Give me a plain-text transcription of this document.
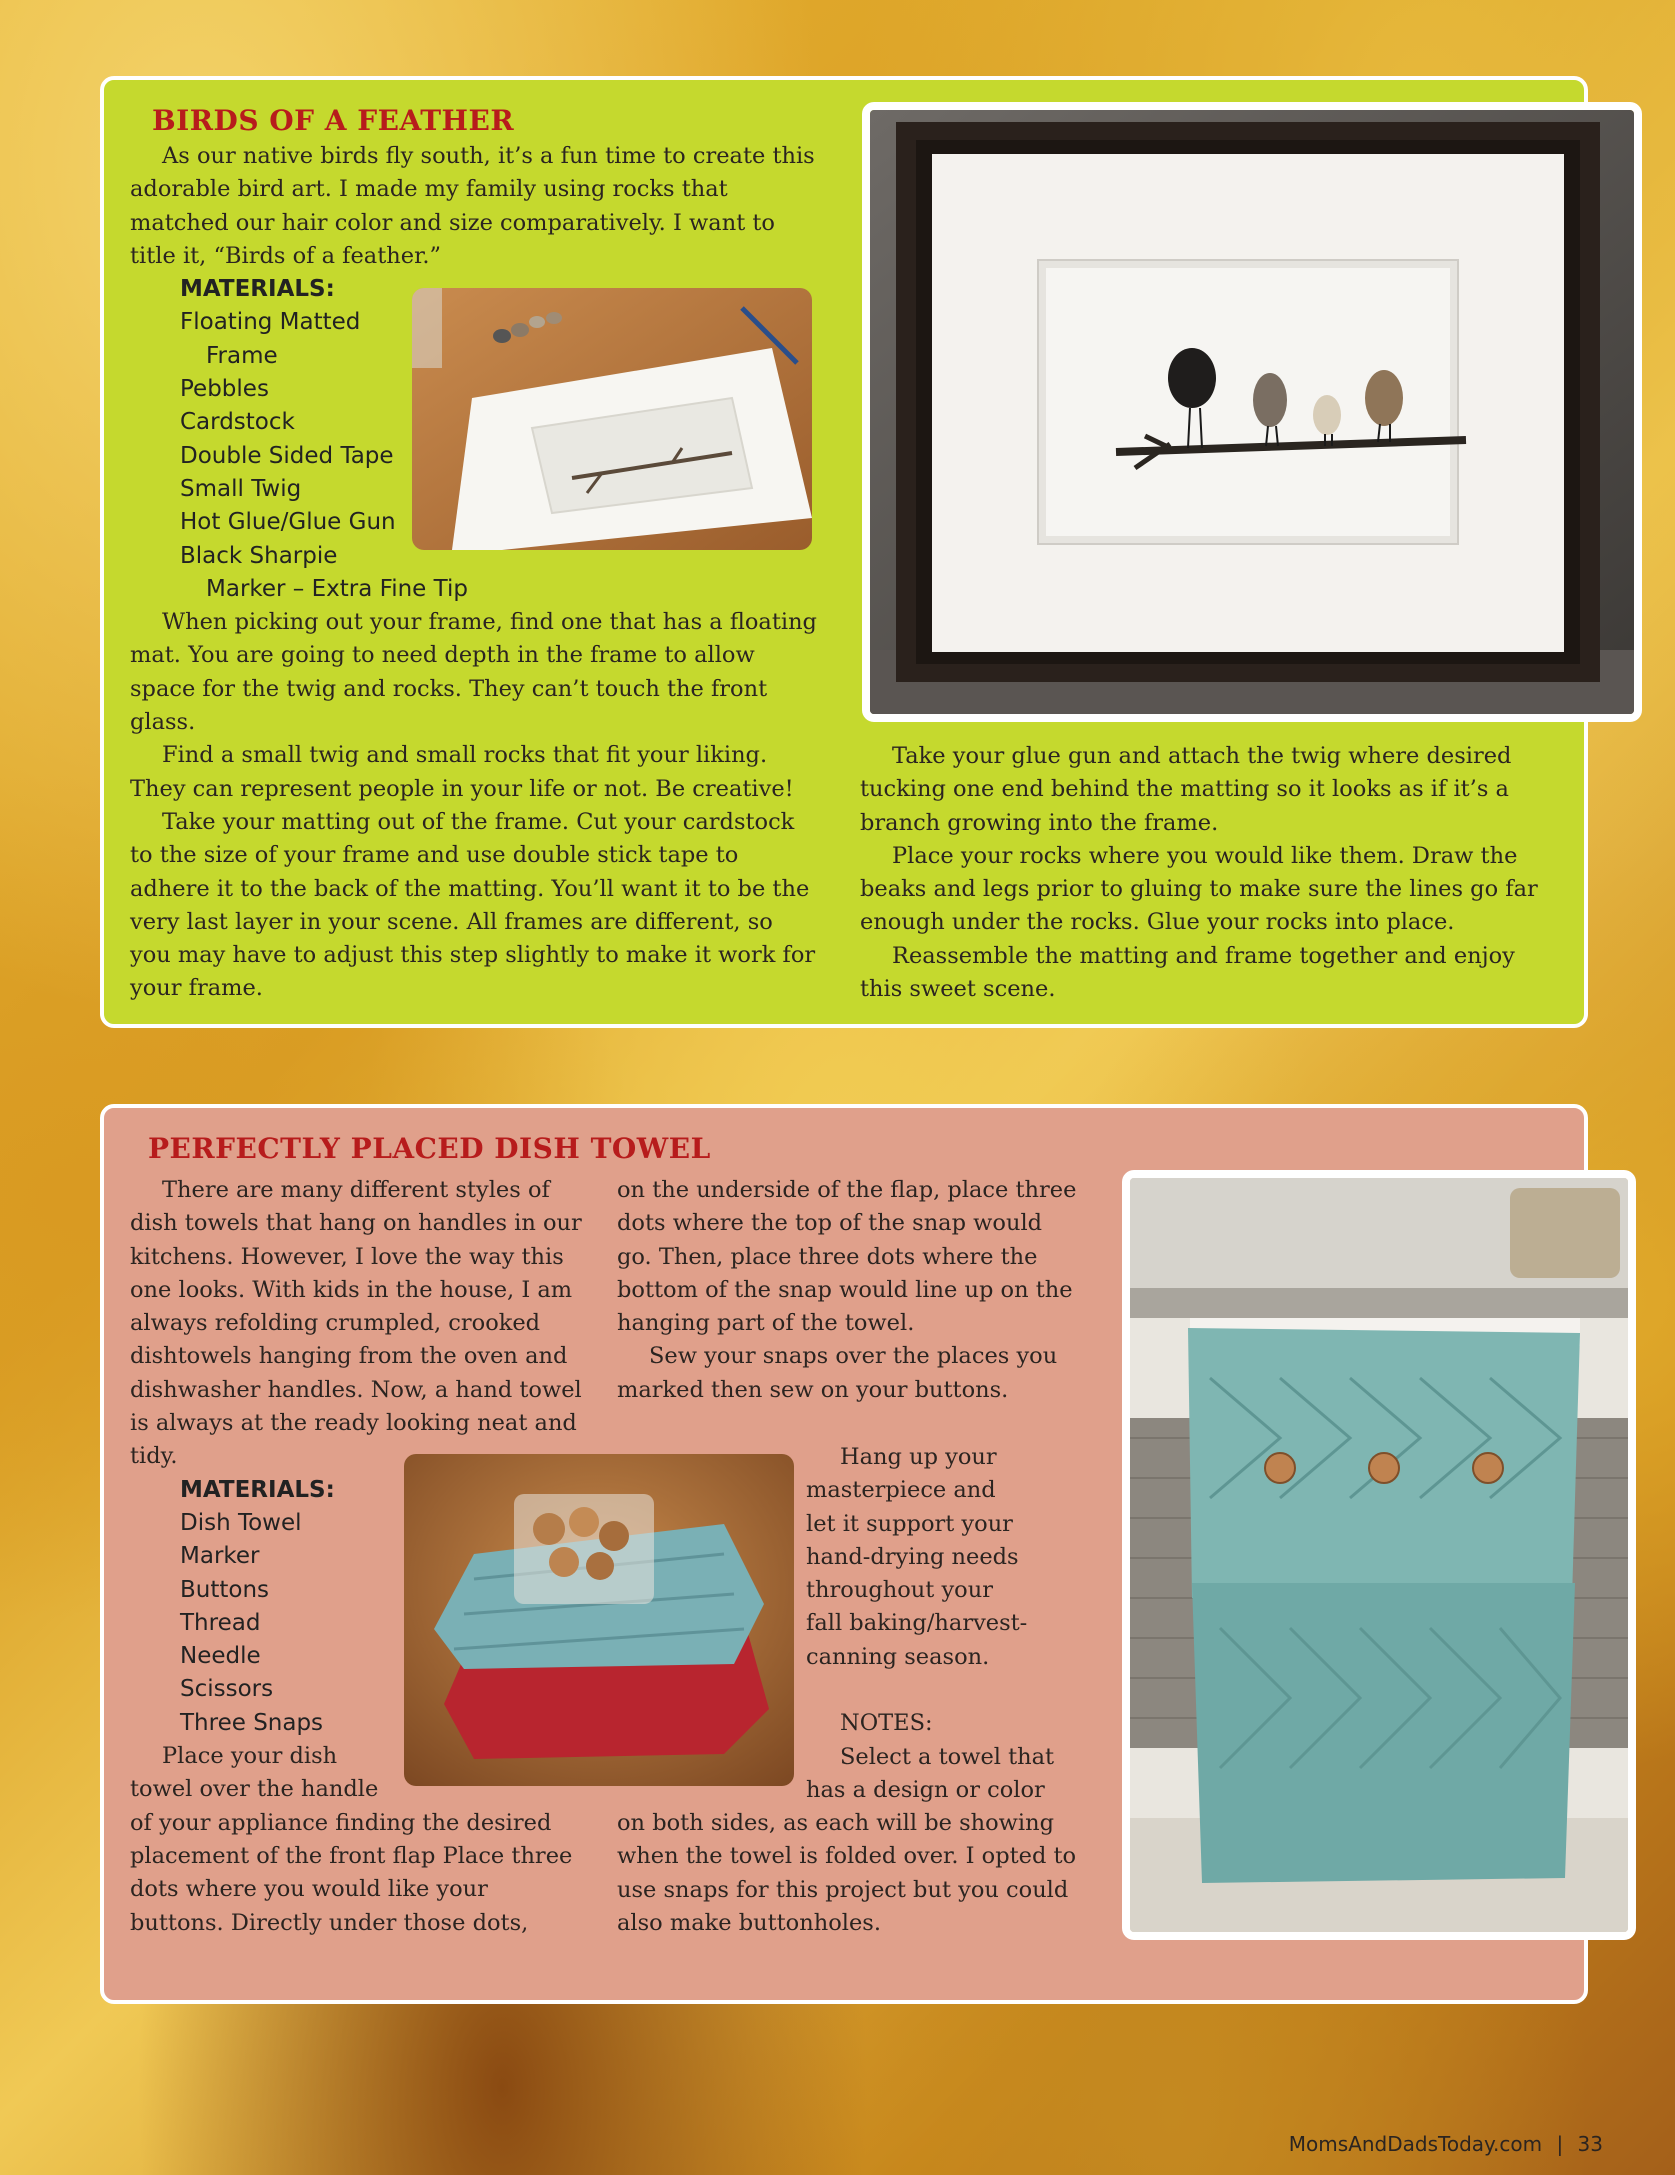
BIRDS OF A FEATHER

As our native birds fly south, it’s a fun time to create this adorable bird art. I made my family using rocks that matched our hair color and size comparatively. I want to title it, “Birds of a feather.”

MATERIALS:
Floating Matted
Frame
Pebbles
Cardstock
Double Sided Tape
Small Twig
Hot Glue/Glue Gun
Black Sharpie
Marker – Extra Fine Tip

When picking out your frame, find one that has a floating mat. You are going to need depth in the frame to allow space for the twig and rocks. They can’t touch the front glass.

Find a small twig and small rocks that fit your liking. They can represent people in your life or not. Be creative!

Take your matting out of the frame. Cut your cardstock to the size of your frame and use double stick tape to adhere it to the back of the matting. You’ll want it to be the very last layer in your scene. All frames are different, so you may have to adjust this step slightly to make it work for your frame.

Take your glue gun and attach the twig where desired tucking one end behind the matting so it looks as if it’s a branch growing into the frame.

Place your rocks where you would like them. Draw the beaks and legs prior to gluing to make sure the lines go far enough under the rocks. Glue your rocks into place.

Reassemble the matting and frame together and enjoy this sweet scene.

PERFECTLY PLACED DISH TOWEL

There are many different styles of dish towels that hang on handles in our kitchens. However, I love the way this one looks. With kids in the house, I am always refolding crumpled, crooked dishtowels hanging from the oven and dishwasher handles. Now, a hand towel is always at the ready looking neat and tidy.

MATERIALS:
Dish Towel
Marker
Buttons
Thread
Needle
Scissors
Three Snaps

Place your dish

towel over the handle

of your appliance finding the desired placement of the front flap Place three dots where you would like your buttons. Directly under those dots,

on the underside of the flap, place three dots where the top of the snap would go. Then, place three dots where the bottom of the snap would line up on the hanging part of the towel.

Sew your snaps over the places you marked then sew on your buttons.

Hang up your

masterpiece and

let it support your

hand-drying needs

throughout your

fall baking/harvest-

canning season.

NOTES:

Select a towel that

has a design or color

on both sides, as each will be showing when the towel is folded over. I opted to use snaps for this project but you could also make buttonholes.

MomsAndDadsToday.com | 33
